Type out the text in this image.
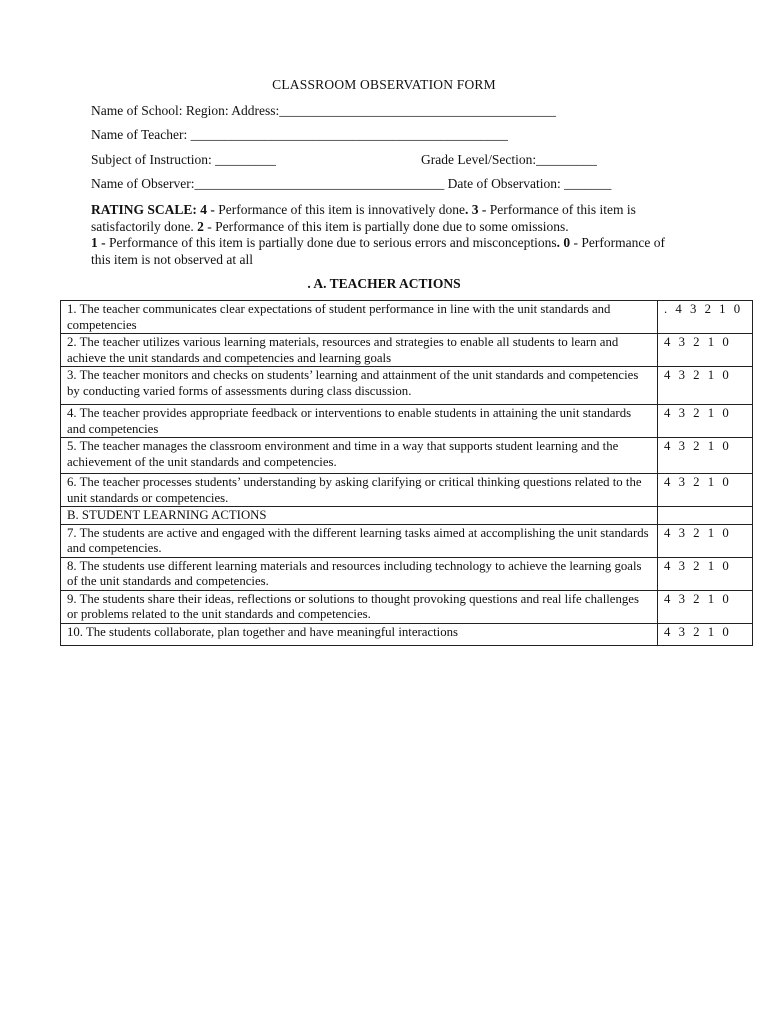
CLASSROOM OBSERVATION FORM
Name of School: Region: Address:_________________________________________
Name of Teacher: _______________________________________________
Subject of Instruction: _________	Grade Level/Section:_________
Name of Observer:_____________________________________ Date of Observation: _______
RATING SCALE: 4 - Performance of this item is innovatively done. 3 - Performance of this item is satisfactorily done. 2 - Performance of this item is partially done due to some omissions.
1 - Performance of this item is partially done due to serious errors and misconceptions. 0 - Performance of this item is not observed at all
. A. TEACHER ACTIONS
1. The teacher communicates clear expectations of student performance in line with the unit standards and competencies	. 4 3 2 1 0
2. The teacher utilizes various learning materials, resources and strategies to enable all students to learn and achieve the unit standards and competencies and learning goals	4 3 2 1 0
3. The teacher monitors and checks on students’ learning and attainment of the unit standards and competencies by conducting varied forms of assessments during class discussion.	4 3 2 1 0
4. The teacher provides appropriate feedback or interventions to enable students in attaining the unit standards and competencies	4 3 2 1 0
5. The teacher manages the classroom environment and time in a way that supports student learning and the achievement of the unit standards and competencies.	4 3 2 1 0
6. The teacher processes students’ understanding by asking clarifying or critical thinking questions related to the unit standards or competencies.	4 3 2 1 0
B. STUDENT LEARNING ACTIONS	
7. The students are active and engaged with the different learning tasks aimed at accomplishing the unit standards and competencies.	4 3 2 1 0
8. The students use different learning materials and resources including technology to achieve the learning goals of the unit standards and competencies.	4 3 2 1 0
9. The students share their ideas, reflections or solutions to thought provoking questions and real life challenges or problems related to the unit standards and competencies.	4 3 2 1 0
10. The students collaborate, plan together and have meaningful interactions	4 3 2 1 0
